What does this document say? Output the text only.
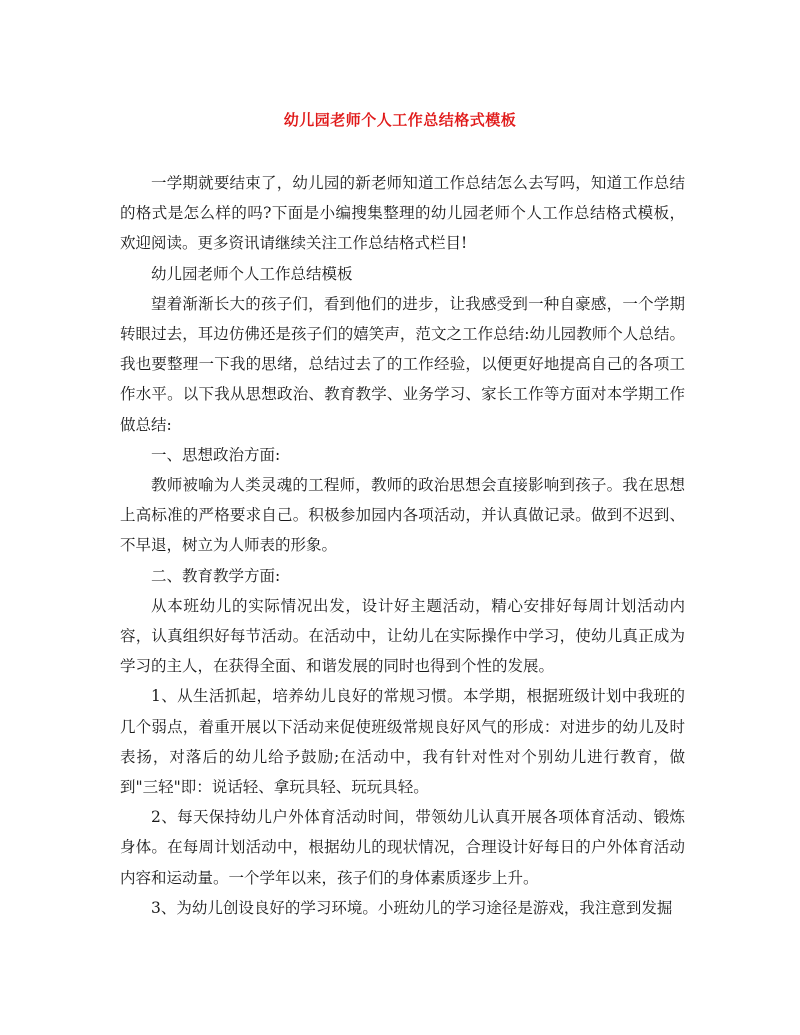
幼儿园老师个人工作总结格式模板

一学期就要结束了，幼儿园的新老师知道工作总结怎么去写吗，知道工作总结的格式是怎么样的吗?下面是小编搜集整理的幼儿园老师个人工作总结格式模板，欢迎阅读。更多资讯请继续关注工作总结格式栏目!

幼儿园老师个人工作总结模板

望着渐渐长大的孩子们，看到他们的进步，让我感受到一种自豪感，一个学期转眼过去，耳边仿佛还是孩子们的嬉笑声，范文之工作总结:幼儿园教师个人总结。我也要整理一下我的思绪，总结过去了的工作经验，以便更好地提高自己的各项工作水平。以下我从思想政治、教育教学、业务学习、家长工作等方面对本学期工作做总结:

一、思想政治方面:

教师被喻为人类灵魂的工程师，教师的政治思想会直接影响到孩子。我在思想上高标准的严格要求自己。积极参加园内各项活动，并认真做记录。做到不迟到、不早退，树立为人师表的形象。

二、教育教学方面:

从本班幼儿的实际情况出发，设计好主题活动，精心安排好每周计划活动内容，认真组织好每节活动。在活动中，让幼儿在实际操作中学习，使幼儿真正成为学习的主人，在获得全面、和谐发展的同时也得到个性的发展。

1、从生活抓起，培养幼儿良好的常规习惯。本学期，根据班级计划中我班的几个弱点，着重开展以下活动来促使班级常规良好风气的形成：对进步的幼儿及时表扬，对落后的幼儿给予鼓励;在活动中，我有针对性对个别幼儿进行教育，做到"三轻"即：说话轻、拿玩具轻、玩玩具轻。

2、每天保持幼儿户外体育活动时间，带领幼儿认真开展各项体育活动、锻炼身体。在每周计划活动中，根据幼儿的现状情况，合理设计好每日的户外体育活动内容和运动量。一个学年以来，孩子们的身体素质逐步上升。

3、为幼儿创设良好的学习环境。小班幼儿的学习途径是游戏，我注意到发掘
